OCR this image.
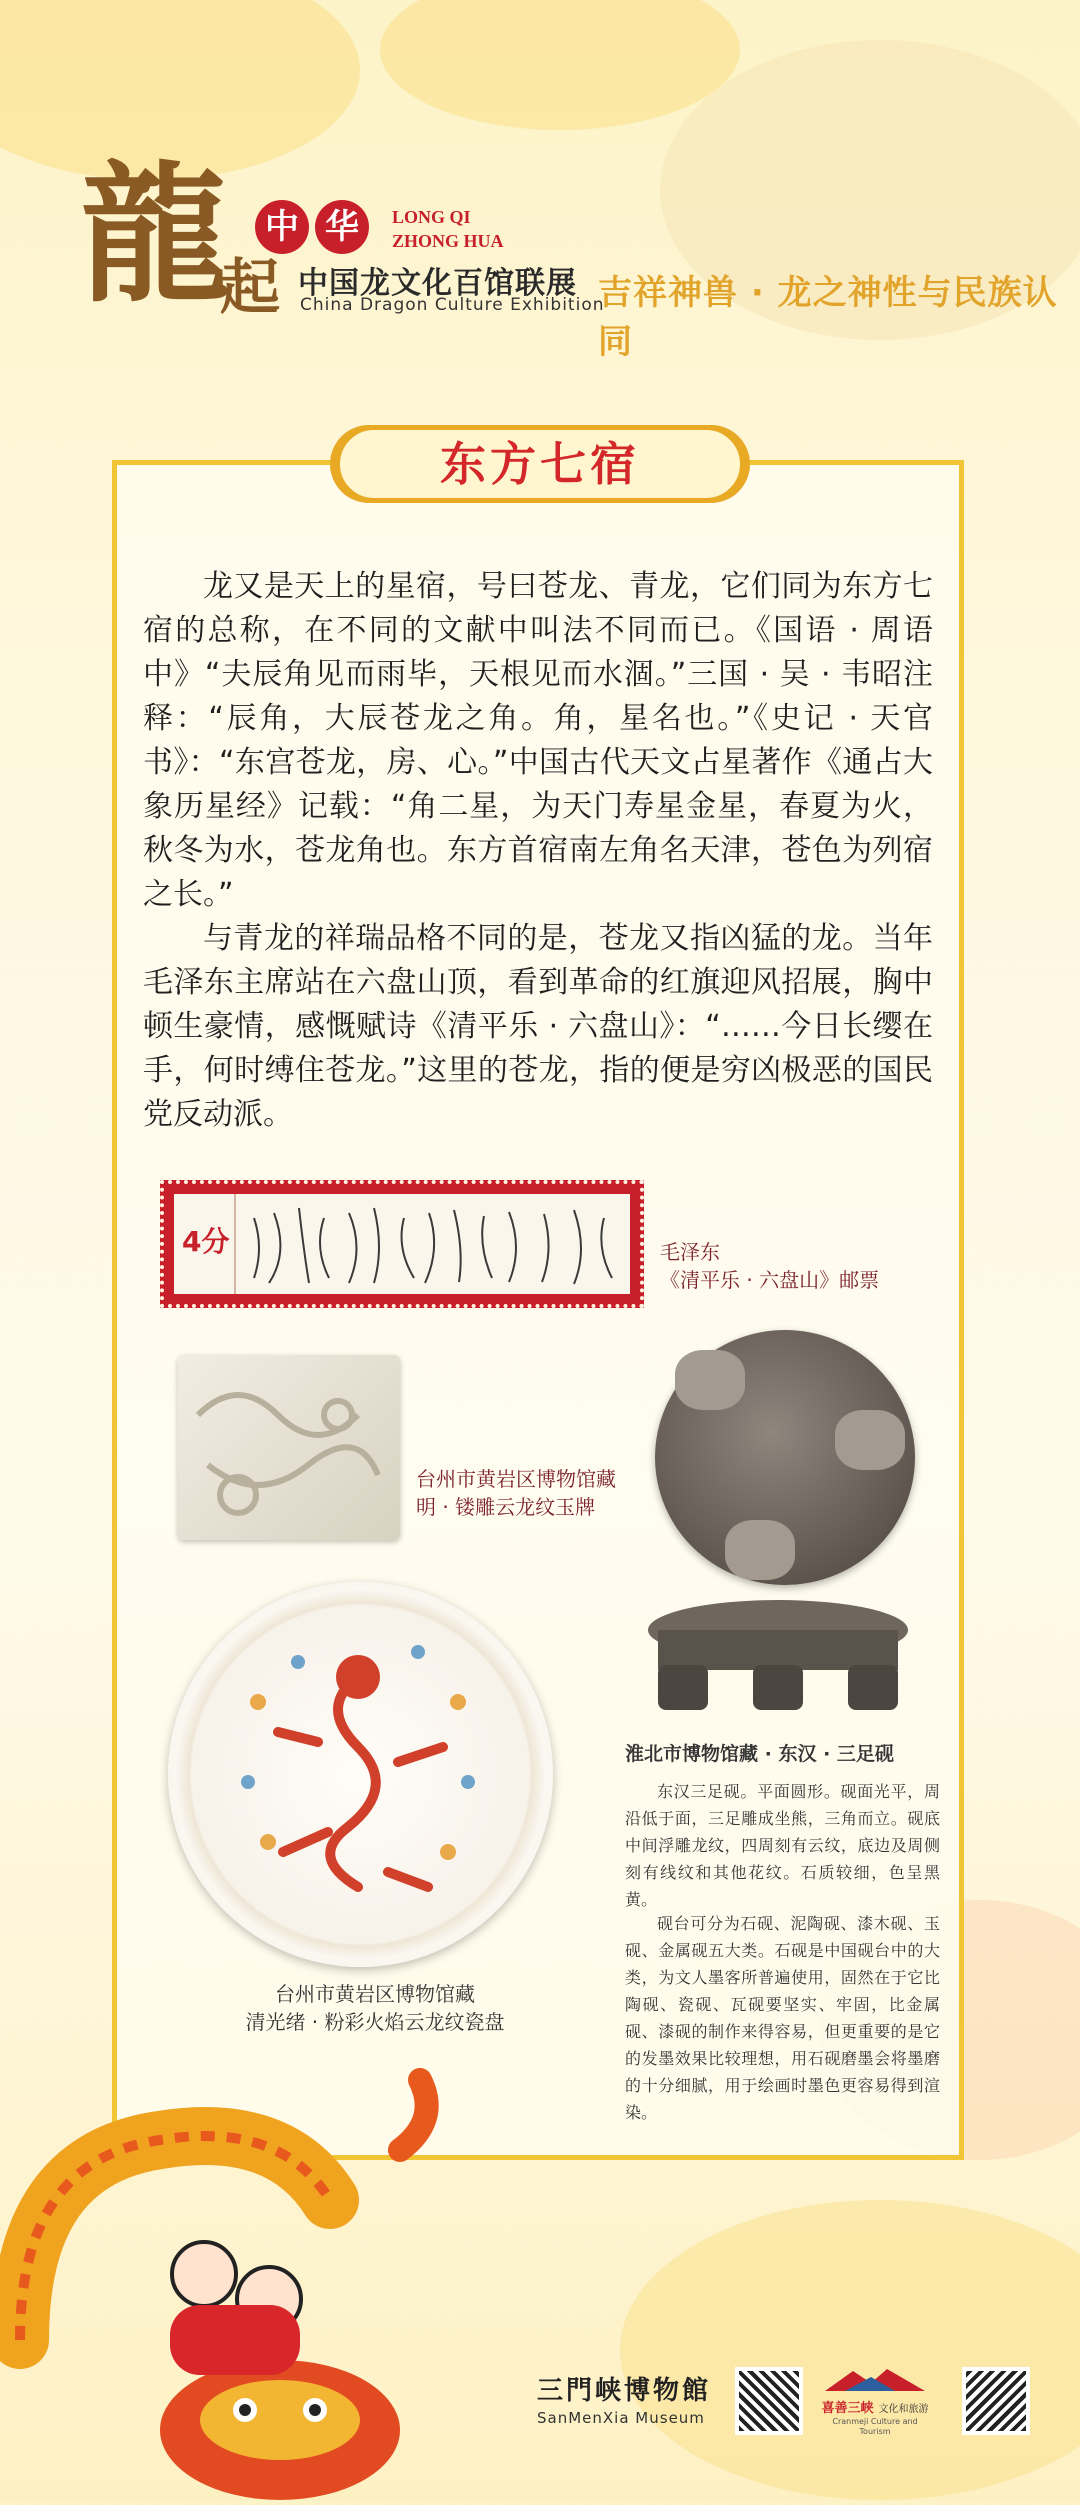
龍
起
中 华	LONG QI
ZHONG HUA
中国龙文化百馆联展
China Dragon Culture Exhibition
吉祥神兽 · 龙之神性与民族认同
东方七宿
龙又是天上的星宿，号曰苍龙、青龙，它们同为东方七宿的总称，在不同的文献中叫法不同而已。《国语 · 周语中》“夫辰角见而雨毕，天根见而水涸。”三国 · 吴 · 韦昭注释：“辰角，大辰苍龙之角。角，星名也。”《史记 · 天官书》：“东宫苍龙，房、心。”中国古代天文占星著作《通占大象历星经》记载：“角二星，为天门寿星金星，春夏为火，秋冬为水，苍龙角也。东方首宿南左角名天津，苍色为列宿之长。”
与青龙的祥瑞品格不同的是，苍龙又指凶猛的龙。当年毛泽东主席站在六盘山顶，看到革命的红旗迎风招展，胸中顿生豪情，感慨赋诗《清平乐 · 六盘山》：“……今日长缨在手，何时缚住苍龙。”这里的苍龙，指的便是穷凶极恶的国民党反动派。
4分	毛泽东
《清平乐 · 六盘山》邮票
台州市黄岩区博物馆藏
明 · 镂雕云龙纹玉牌
淮北市博物馆藏 · 东汉 · 三足砚
东汉三足砚。平面圆形。砚面光平，周沿低于面，三足雕成坐熊，三角而立。砚底中间浮雕龙纹，四周刻有云纹，底边及周侧刻有线纹和其他花纹。石质较细，色呈黑黄。
砚台可分为石砚、泥陶砚、漆木砚、玉砚、金属砚五大类。石砚是中国砚台中的大类，为文人墨客所普遍使用，固然在于它比陶砚、瓷砚、瓦砚要坚实、牢固，比金属砚、漆砚的制作来得容易，但更重要的是它的发墨效果比较理想，用石砚磨墨会将墨磨的十分细腻，用于绘画时墨色更容易得到渲染。
台州市黄岩区博物馆藏
清光绪 · 粉彩火焰云龙纹瓷盘
三門峡博物館
SanMenXia Museum
喜善三峡 文化和旅游
Cranmeji Culture and Tourism
